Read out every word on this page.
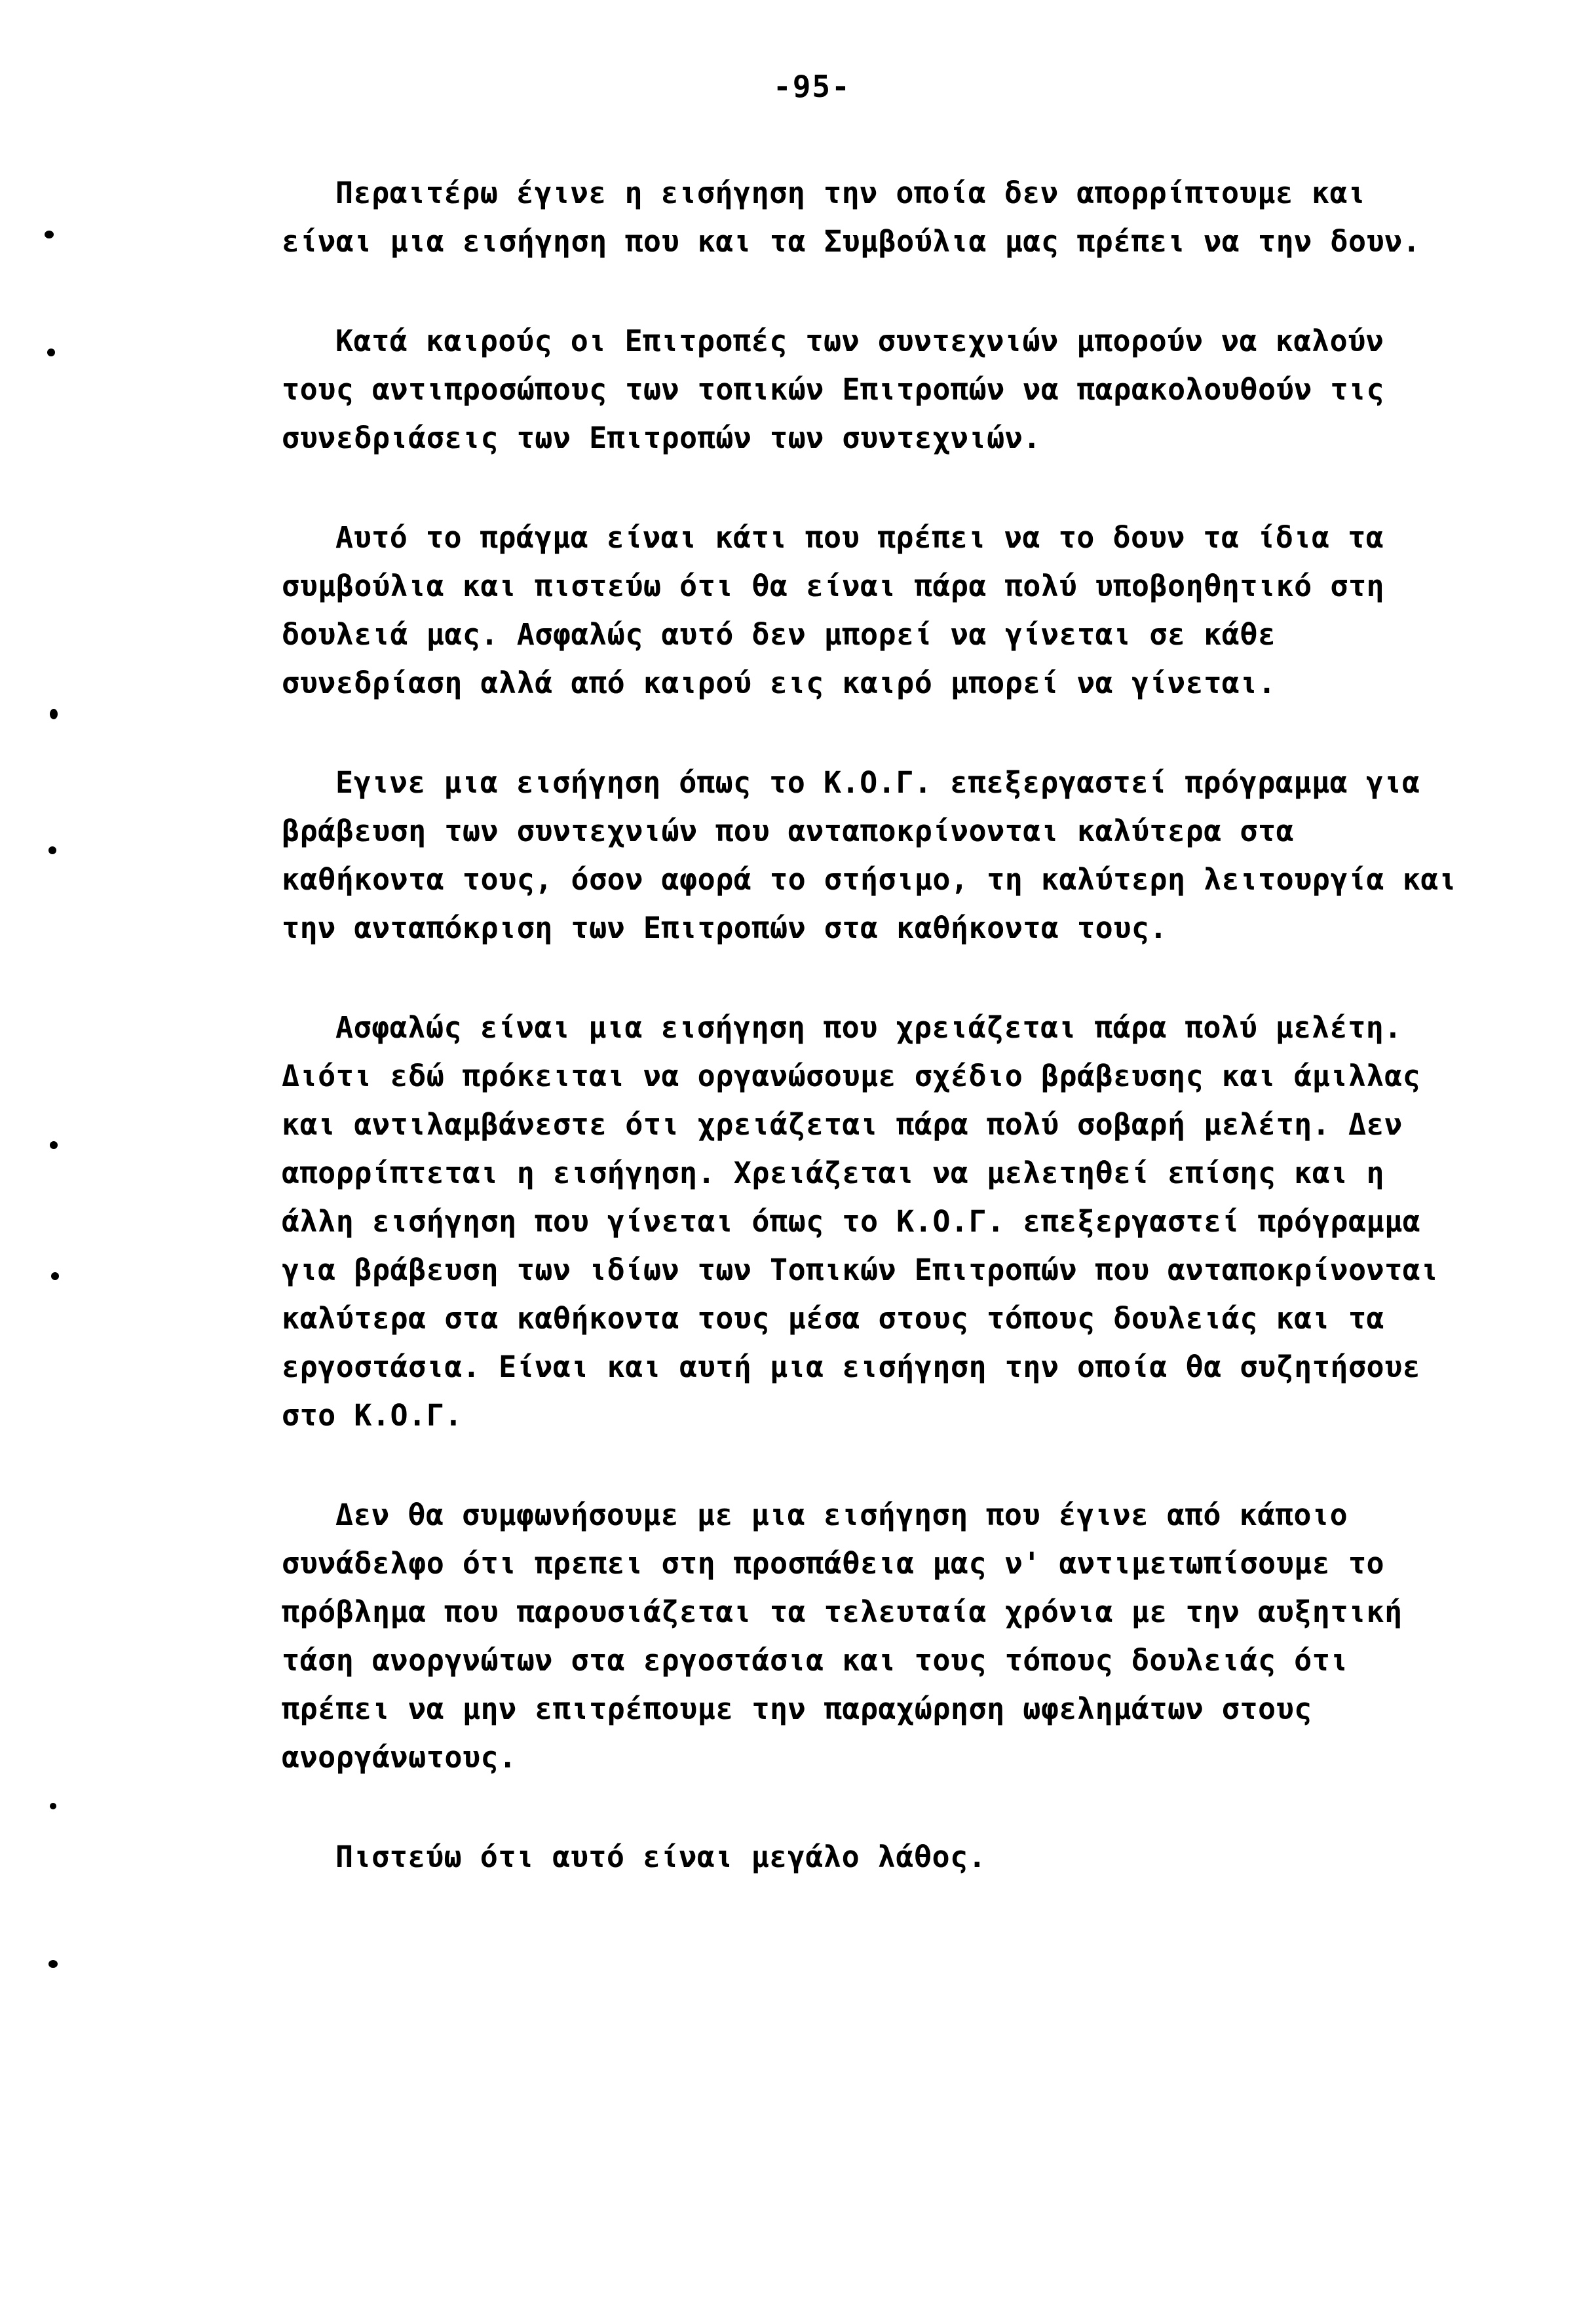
-95-
Περαιτέρω έγινε η εισήγηση την οποία δεν απορρίπτουμε και
είναι μια εισήγηση που και τα Συμβούλια μας πρέπει να την δουν.
Κατά καιρούς οι Επιτροπές των συντεχνιών μπορούν να καλούν
τους αντιπροσώπους των τοπικών Επιτροπών να παρακολουθούν τις
συνεδριάσεις των Επιτροπών των συντεχνιών.
Αυτό το πράγμα είναι κάτι που πρέπει να το δουν τα ίδια τα
συμβούλια και πιστεύω ότι θα είναι πάρα πολύ υποβοηθητικό στη
δουλειά μας. Ασφαλώς αυτό δεν μπορεί να γίνεται σε κάθε
συνεδρίαση αλλά από καιρού εις καιρό μπορεί να γίνεται.
Εγινε μια εισήγηση όπως το Κ.Ο.Γ. επεξεργαστεί πρόγραμμα για
βράβευση των συντεχνιών που ανταποκρίνονται καλύτερα στα
καθήκοντα τους, όσον αφορά το στήσιμο, τη καλύτερη λειτουργία και
την ανταπόκριση των Επιτροπών στα καθήκοντα τους.
Ασφαλώς είναι μια εισήγηση που χρειάζεται πάρα πολύ μελέτη.
Διότι εδώ πρόκειται να οργανώσουμε σχέδιο βράβευσης και άμιλλας
και αντιλαμβάνεστε ότι χρειάζεται πάρα πολύ σοβαρή μελέτη. Δεν
απορρίπτεται η εισήγηση. Χρειάζεται να μελετηθεί επίσης και η
άλλη εισήγηση που γίνεται όπως το Κ.Ο.Γ. επεξεργαστεί πρόγραμμα
για βράβευση των ιδίων των Τοπικών Επιτροπών που ανταποκρίνονται
καλύτερα στα καθήκοντα τους μέσα στους τόπους δουλειάς και τα
εργοστάσια. Είναι και αυτή μια εισήγηση την οποία θα συζητήσουε
στο Κ.Ο.Γ.
Δεν θα συμφωνήσουμε με μια εισήγηση που έγινε από κάποιο
συνάδελφο ότι πρεπει στη προσπάθεια μας ν' αντιμετωπίσουμε το
πρόβλημα που παρουσιάζεται τα τελευταία χρόνια με την αυξητική
τάση ανοργνώτων στα εργοστάσια και τους τόπους δουλειάς ότι
πρέπει να μην επιτρέπουμε την παραχώρηση ωφελημάτων στους
ανοργάνωτους.
Πιστεύω ότι αυτό είναι μεγάλο λάθος.
